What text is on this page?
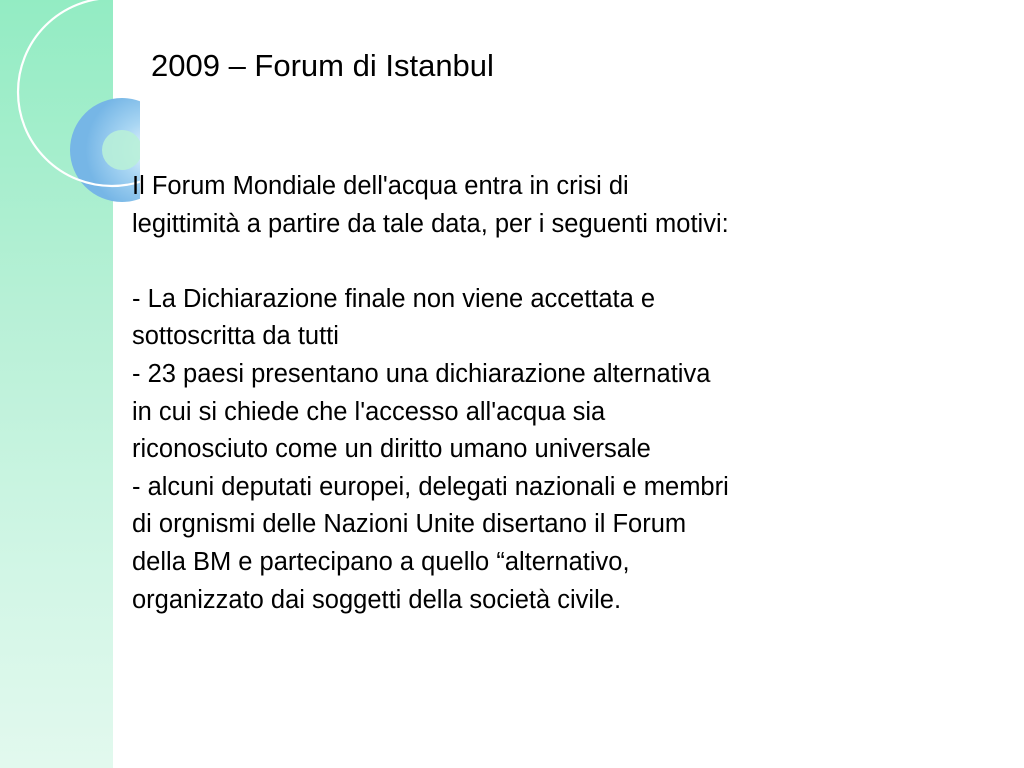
2009 – Forum di Istanbul

Il Forum Mondiale dell'acqua entra in crisi di

legittimità a partire da tale data, per i seguenti motivi:

- La Dichiarazione finale non viene accettata e

sottoscritta da tutti

- 23 paesi presentano una dichiarazione alternativa

in cui si chiede che l'accesso all'acqua sia

riconosciuto come un diritto umano universale

- alcuni deputati europei, delegati nazionali e membri

di orgnismi delle Nazioni Unite disertano il Forum

della BM e partecipano a quello “alternativo,

organizzato dai soggetti della società civile.
